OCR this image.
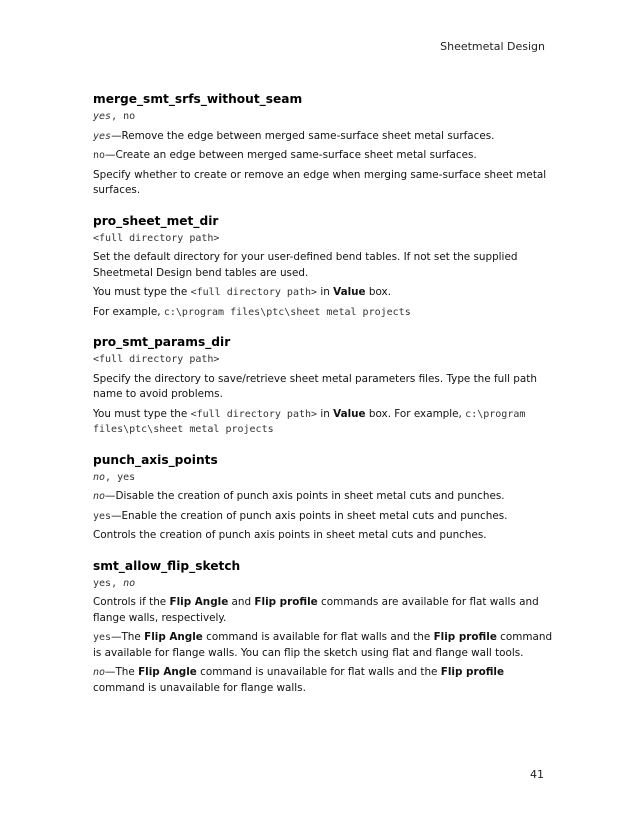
Sheetmetal Design
merge_smt_srfs_without_seam

yes, no

yes—Remove the edge between merged same-surface sheet metal surfaces.

no—Create an edge between merged same-surface sheet metal surfaces.

Specify whether to create or remove an edge when merging same-surface sheet metal surfaces.

pro_sheet_met_dir

<full directory path>

Set the default directory for your user-defined bend tables. If not set the supplied Sheetmetal Design bend tables are used.

You must type the <full directory path> in Value box.

For example, c:\program files\ptc\sheet metal projects

pro_smt_params_dir

<full directory path>

Specify the directory to save/retrieve sheet metal parameters files. Type the full path name to avoid problems.

You must type the <full directory path> in Value box. For example, c:\program files\ptc\sheet metal projects

punch_axis_points

no, yes

no—Disable the creation of punch axis points in sheet metal cuts and punches.

yes—Enable the creation of punch axis points in sheet metal cuts and punches.

Controls the creation of punch axis points in sheet metal cuts and punches.

smt_allow_flip_sketch

yes, no

Controls if the Flip Angle and Flip profile commands are available for flat walls and flange walls, respectively.

yes—The Flip Angle command is available for flat walls and the Flip profile command is available for flange walls. You can flip the sketch using flat and flange wall tools.

no—The Flip Angle command is unavailable for flat walls and the Flip profile command is unavailable for flange walls.

41
